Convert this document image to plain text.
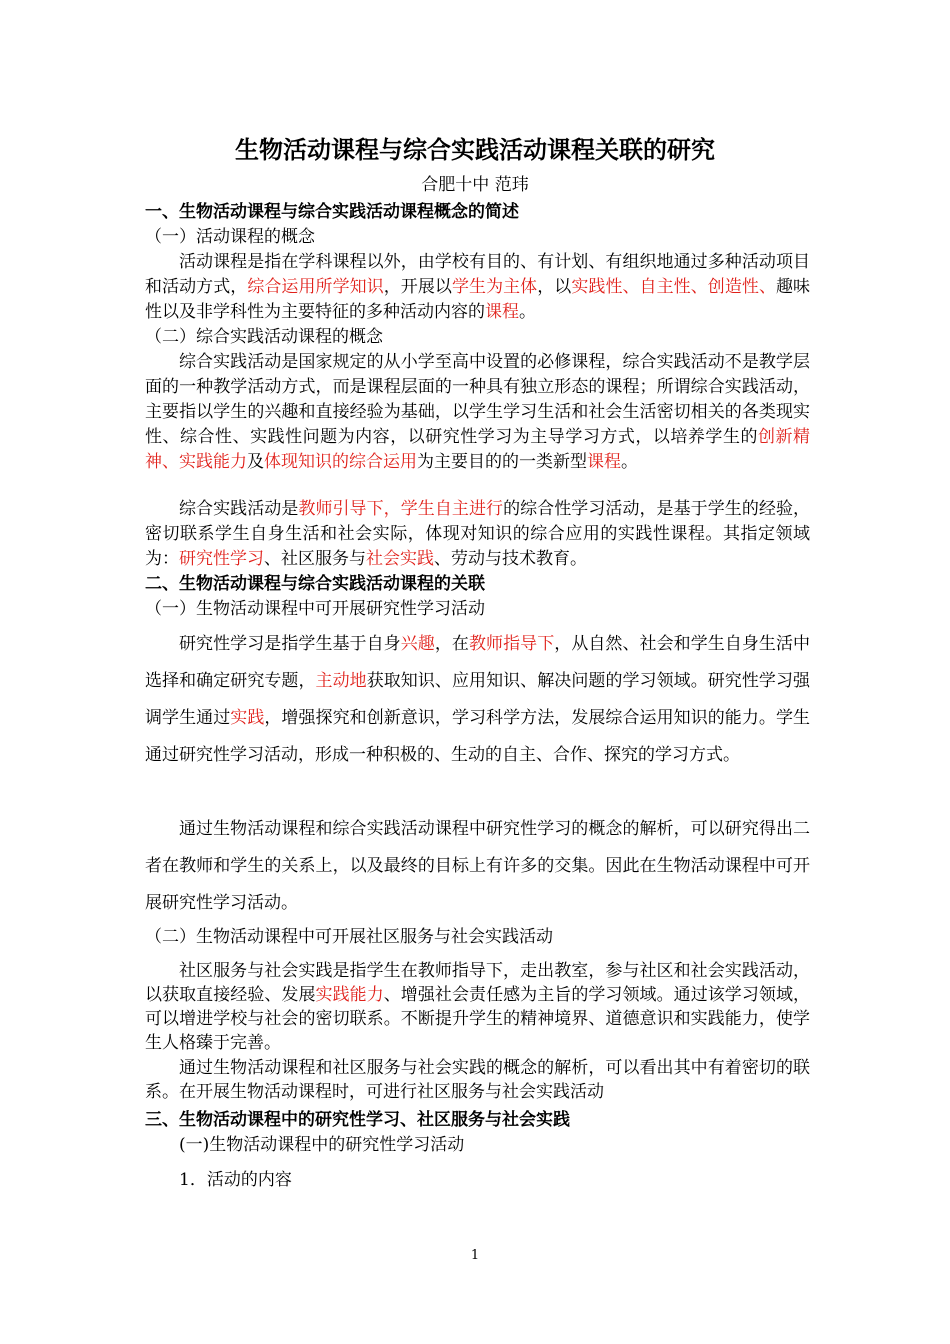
生物活动课程与综合实践活动课程关联的研究
合肥十中 范玮
一、生物活动课程与综合实践活动课程概念的简述
（一）活动课程的概念
活动课程是指在学科课程以外，由学校有目的、有计划、有组织地通过多种活动项目和活动方式，综合运用所学知识，开展以学生为主体，以实践性、自主性、创造性、趣味性以及非学科性为主要特征的多种活动内容的课程。
（二）综合实践活动课程的概念
综合实践活动是国家规定的从小学至高中设置的必修课程，综合实践活动不是教学层面的一种教学活动方式，而是课程层面的一种具有独立形态的课程；所谓综合实践活动，主要指以学生的兴趣和直接经验为基础，以学生学习生活和社会生活密切相关的各类现实性、综合性、实践性问题为内容，以研究性学习为主导学习方式，以培养学生的创新精神、实践能力及体现知识的综合运用为主要目的的一类新型课程。
综合实践活动是教师引导下，学生自主进行的综合性学习活动，是基于学生的经验，密切联系学生自身生活和社会实际，体现对知识的综合应用的实践性课程。其指定领域为：研究性学习、社区服务与社会实践、劳动与技术教育。
二、生物活动课程与综合实践活动课程的关联
（一）生物活动课程中可开展研究性学习活动
研究性学习是指学生基于自身兴趣，在教师指导下，从自然、社会和学生自身生活中选择和确定研究专题，主动地获取知识、应用知识、解决问题的学习领域。研究性学习强调学生通过实践，增强探究和创新意识，学习科学方法，发展综合运用知识的能力。学生通过研究性学习活动，形成一种积极的、生动的自主、合作、探究的学习方式。
通过生物活动课程和综合实践活动课程中研究性学习的概念的解析，可以研究得出二者在教师和学生的关系上，以及最终的目标上有许多的交集。因此在生物活动课程中可开展研究性学习活动。
（二）生物活动课程中可开展社区服务与社会实践活动
社区服务与社会实践是指学生在教师指导下，走出教室，参与社区和社会实践活动，以获取直接经验、发展实践能力、增强社会责任感为主旨的学习领域。通过该学习领域，可以增进学校与社会的密切联系。不断提升学生的精神境界、道德意识和实践能力，使学生人格臻于完善。
通过生物活动课程和社区服务与社会实践的概念的解析，可以看出其中有着密切的联系。在开展生物活动课程时，可进行社区服务与社会实践活动
三、生物活动课程中的研究性学习、社区服务与社会实践
(一)生物活动课程中的研究性学习活动
1．活动的内容
1
